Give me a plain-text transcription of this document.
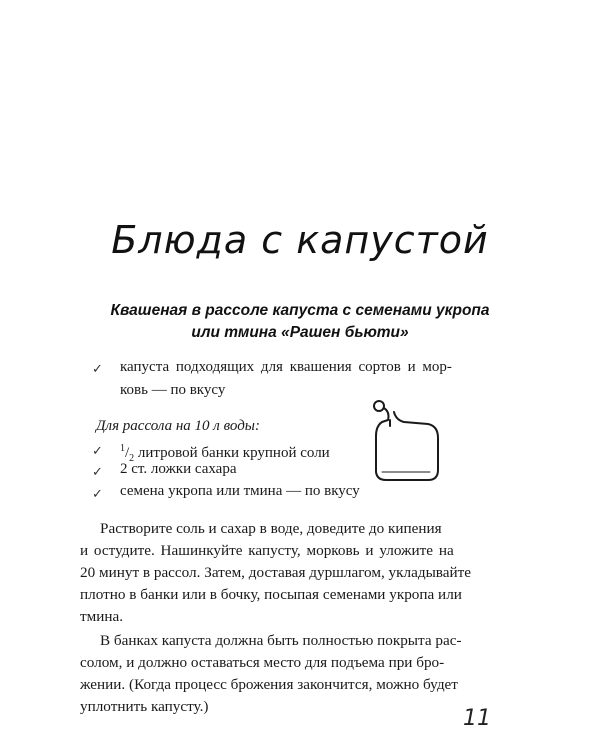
Блюда с капустой
Квашеная в рассоле капуста с семенами укропа
или тмина «Рашен бьюти»
✓ капуста подходящих для квашения сортов и мор-
ковь — по вкусу
Для рассола на 10 л воды:
✓ $^1/_2$ литровой банки крупной соли
✓ 2 ст. ложки сахара
✓ семена укропа или тмина — по вкусу
Растворите соль и сахар в воде, доведите до кипения
и остудите. Нашинкуйте капусту, морковь и уложите на
20 минут в рассол. Затем, доставая дуршлагом, укладывайте
плотно в банки или в бочку, посыпая семенами укропа или
тмина.
В банках капуста должна быть полностью покрыта рас-
солом, и должно оставаться место для подъема при бро-
жении. (Когда процесс брожения закончится, можно будет
уплотнить капусту.)	11
